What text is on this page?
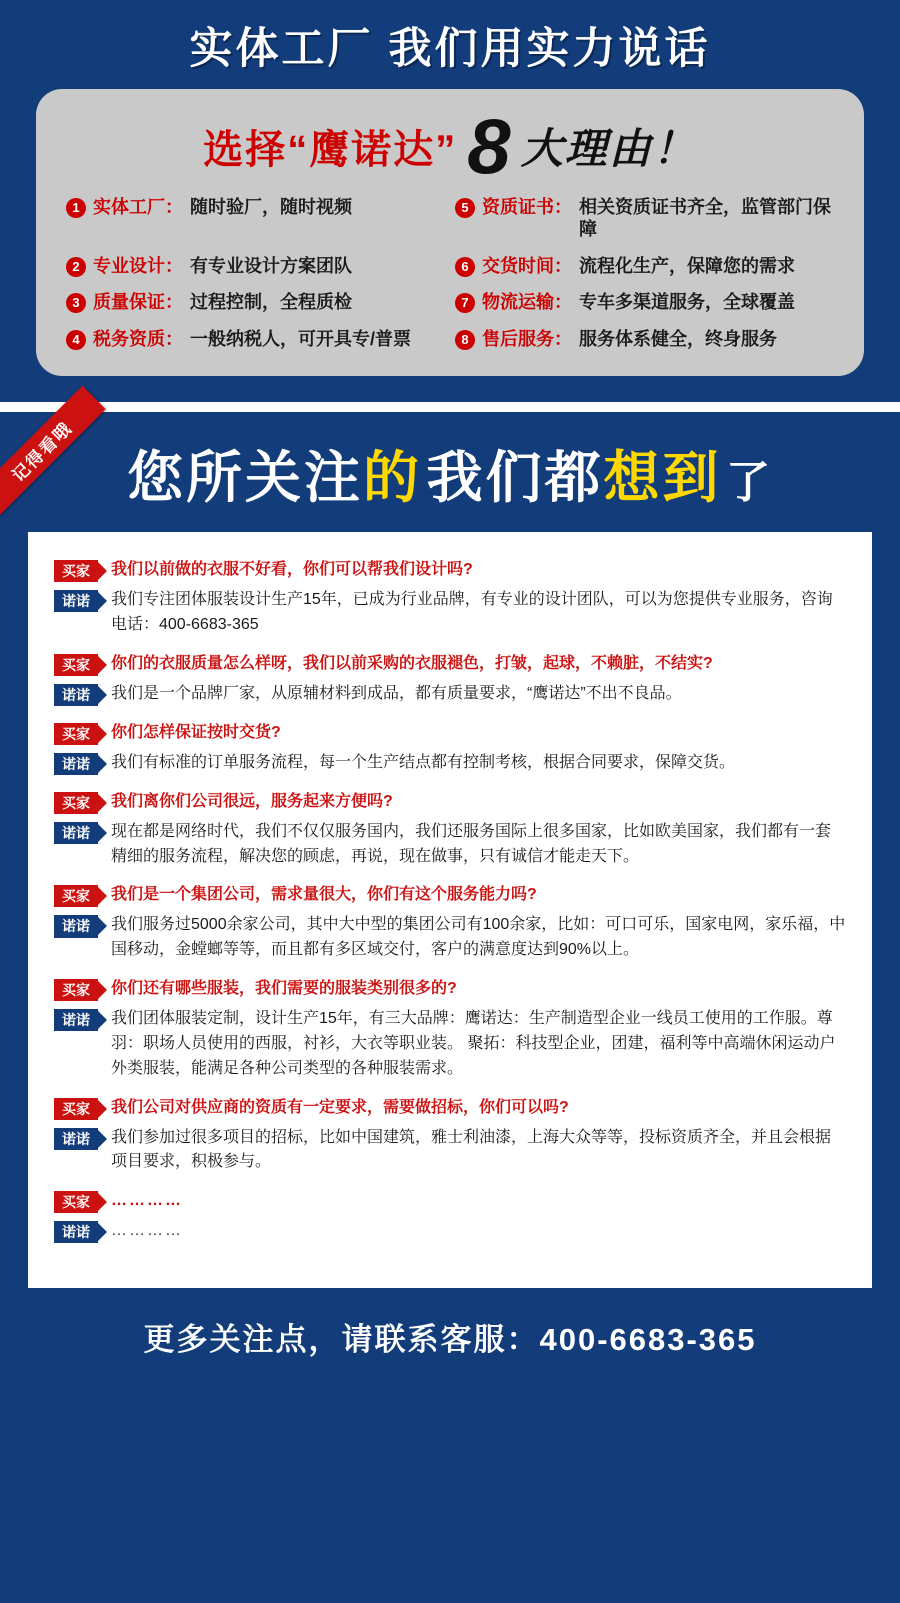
实体工厂 我们用实力说话
选择“鹰诺达” 8 大理由！
1 实体工厂： 随时验厂，随时视频	5 资质证书： 相关资质证书齐全，监管部门保障
2 专业设计： 有专业设计方案团队	6 交货时间： 流程化生产，保障您的需求
3 质量保证： 过程控制，全程质检	7 物流运输： 专车多渠道服务，全球覆盖
4 税务资质： 一般纳税人，可开具专/普票	8 售后服务： 服务体系健全，终身服务
记得看哦 您所关注的 我们都想到 了
买家	我们以前做的衣服不好看，你们可以帮我们设计吗?
诺诺	我们专注团体服装设计生产15年，已成为行业品牌，有专业的设计团队，可以为您提供专业服务，咨询电话：400-6683-365
买家	你们的衣服质量怎么样呀，我们以前采购的衣服褪色，打皱，起球，不赖脏，不结实?
诺诺	我们是一个品牌厂家，从原辅材料到成品，都有质量要求，“鹰诺达”不出不良品。
买家	你们怎样保证按时交货?
诺诺	我们有标准的订单服务流程，每一个生产结点都有控制考核，根据合同要求，保障交货。
买家	我们离你们公司很远，服务起来方便吗?
诺诺	现在都是网络时代，我们不仅仅服务国内，我们还服务国际上很多国家，比如欧美国家，我们都有一套精细的服务流程，解决您的顾虑，再说，现在做事，只有诚信才能走天下。
买家	我们是一个集团公司，需求量很大，你们有这个服务能力吗?
诺诺	我们服务过5000余家公司，其中大中型的集团公司有100余家，比如：可口可乐，国家电网，家乐福，中国移动，金螳螂等等，而且都有多区域交付，客户的满意度达到90%以上。
买家	你们还有哪些服装，我们需要的服装类别很多的?
诺诺	我们团体服装定制，设计生产15年，有三大品牌：鹰诺达：生产制造型企业一线员工使用的工作服。尊羽：职场人员使用的西服，衬衫，大衣等职业装。 聚拓：科技型企业，团建，福利等中高端休闲运动户外类服装，能满足各种公司类型的各种服装需求。
买家	我们公司对供应商的资质有一定要求，需要做招标，你们可以吗?
诺诺	我们参加过很多项目的招标，比如中国建筑，雅士利油漆，上海大众等等，投标资质齐全，并且会根据项目要求，积极参与。
买家	…………
诺诺	…………
更多关注点，请联系客服：400-6683-365
